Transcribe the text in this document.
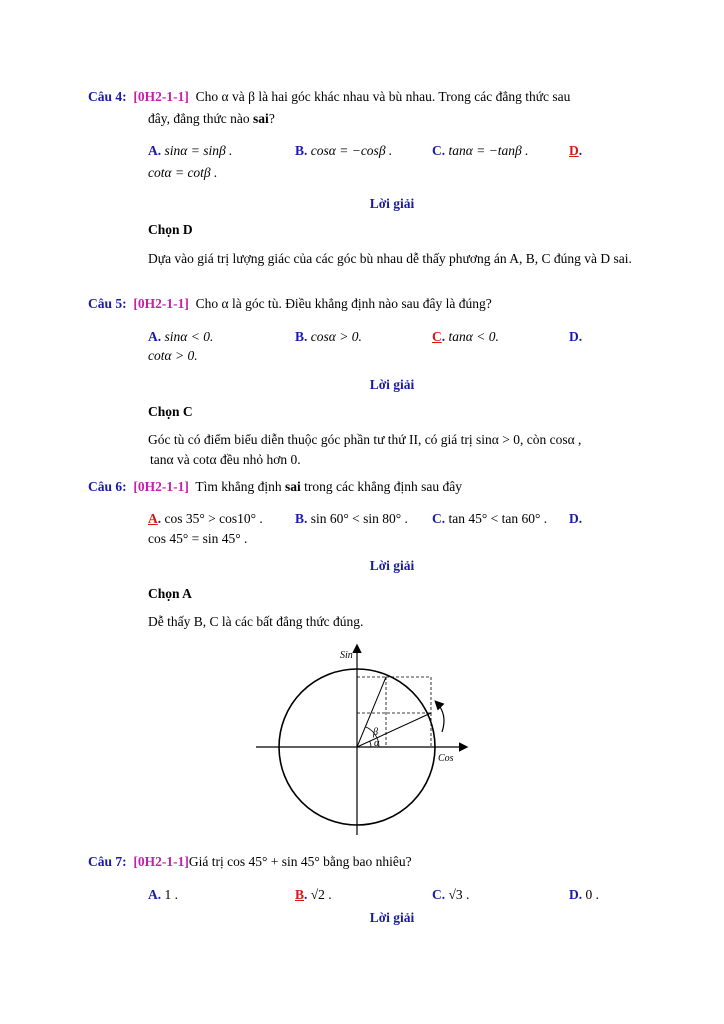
Câu 4: [0H2-1-1] Cho α và β là hai góc khác nhau và bù nhau. Trong các đẳng thức sau
đây, đẳng thức nào sai?
A. sinα = sinβ .	B. cosα = −cosβ .	C. tanα = −tanβ .	D.
cotα = cotβ .
Lời giải
Chọn D
Dựa vào giá trị lượng giác của các góc bù nhau dễ thấy phương án A, B, C đúng và D sai.
Câu 5: [0H2-1-1] Cho α là góc tù. Điều khẳng định nào sau đây là đúng?
A. sinα < 0.	B. cosα > 0.	C. tanα < 0.	D.
cotα > 0.
Lời giải
Chọn C
Góc tù có điểm biểu diễn thuộc góc phần tư thứ II, có giá trị sinα > 0, còn cosα ,
tanα và cotα đều nhỏ hơn 0.
Câu 6: [0H2-1-1] Tìm khẳng định sai trong các khẳng định sau đây
A. cos 35° > cos10° . B. sin 60° < sin 80° . C. tan 45° < tan 60° . D.
cos 45° = sin 45° .
Lời giải
Chọn A
Dễ thấy B, C là các bất đẳng thức đúng.
Sin
Cos
α
β
Câu 7: [0H2-1-1]Giá trị cos 45° + sin 45° bằng bao nhiêu?
A. 1 .	B. √2 .	C. √3 .	D. 0 .
Lời giải
